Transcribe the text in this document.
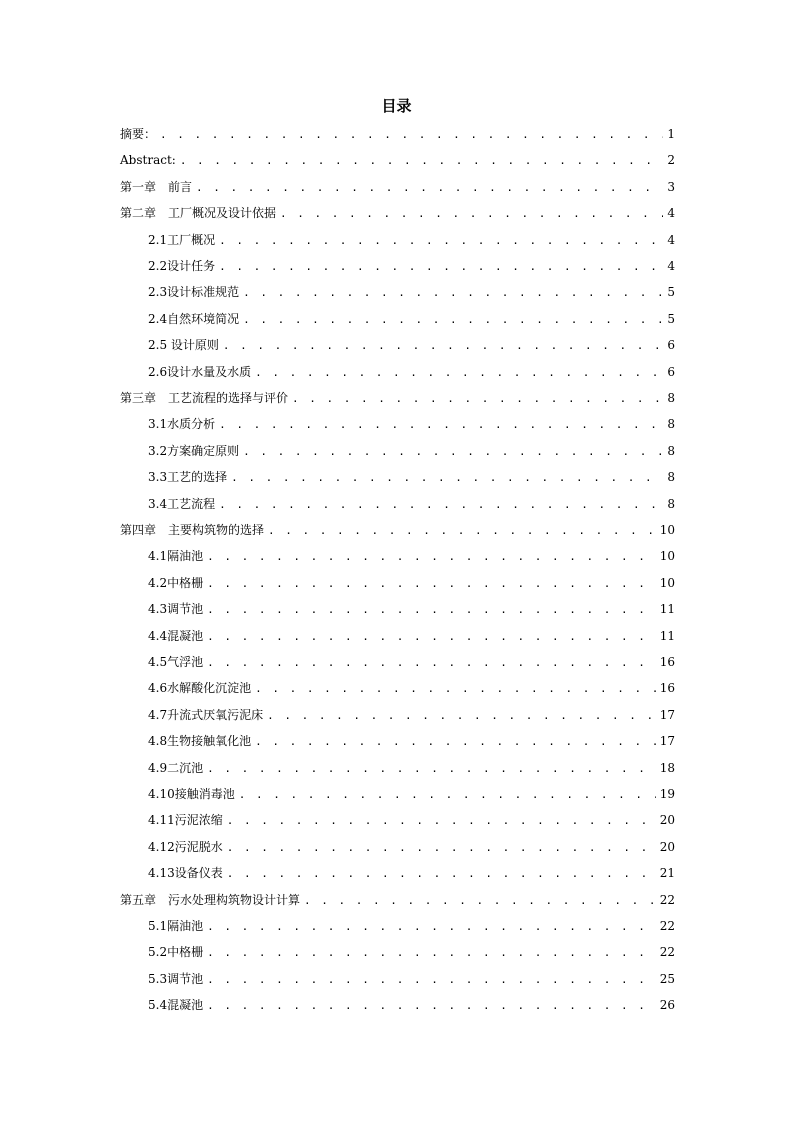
目录
摘要： . . .	1
Abstract: . . .	2
第一章　前言 . . .	3
第二章　工厂概况及设计依据 . . .	4
2.1工厂概况 . . .	4
2.2设计任务 . . .	4
2.3设计标准规范 . . .	5
2.4自然环境简况 . . .	5
2.5 设计原则 . . .	6
2.6设计水量及水质 . . .	6
第三章　工艺流程的选择与评价 . . .	8
3.1水质分析 . . .	8
3.2方案确定原则 . . .	8
3.3工艺的选择 . . .	8
3.4工艺流程 . . .	8
第四章　主要构筑物的选择 . . .	10
4.1隔油池 . . .	10
4.2中格栅 . . .	10
4.3调节池 . . .	11
4.4混凝池 . . .	11
4.5气浮池 . . .	16
4.6水解酸化沉淀池 . . .	16
4.7升流式厌氧污泥床 . . .	17
4.8生物接触氧化池 . . .	17
4.9二沉池 . . .	18
4.10接触消毒池 . . .	19
4.11污泥浓缩 . . .	20
4.12污泥脱水 . . .	20
4.13设备仪表 . . .	21
第五章　污水处理构筑物设计计算 . . .	22
5.1隔油池 . . .	22
5.2中格栅 . . .	22
5.3调节池 . . .	25
5.4混凝池 . . .	26
